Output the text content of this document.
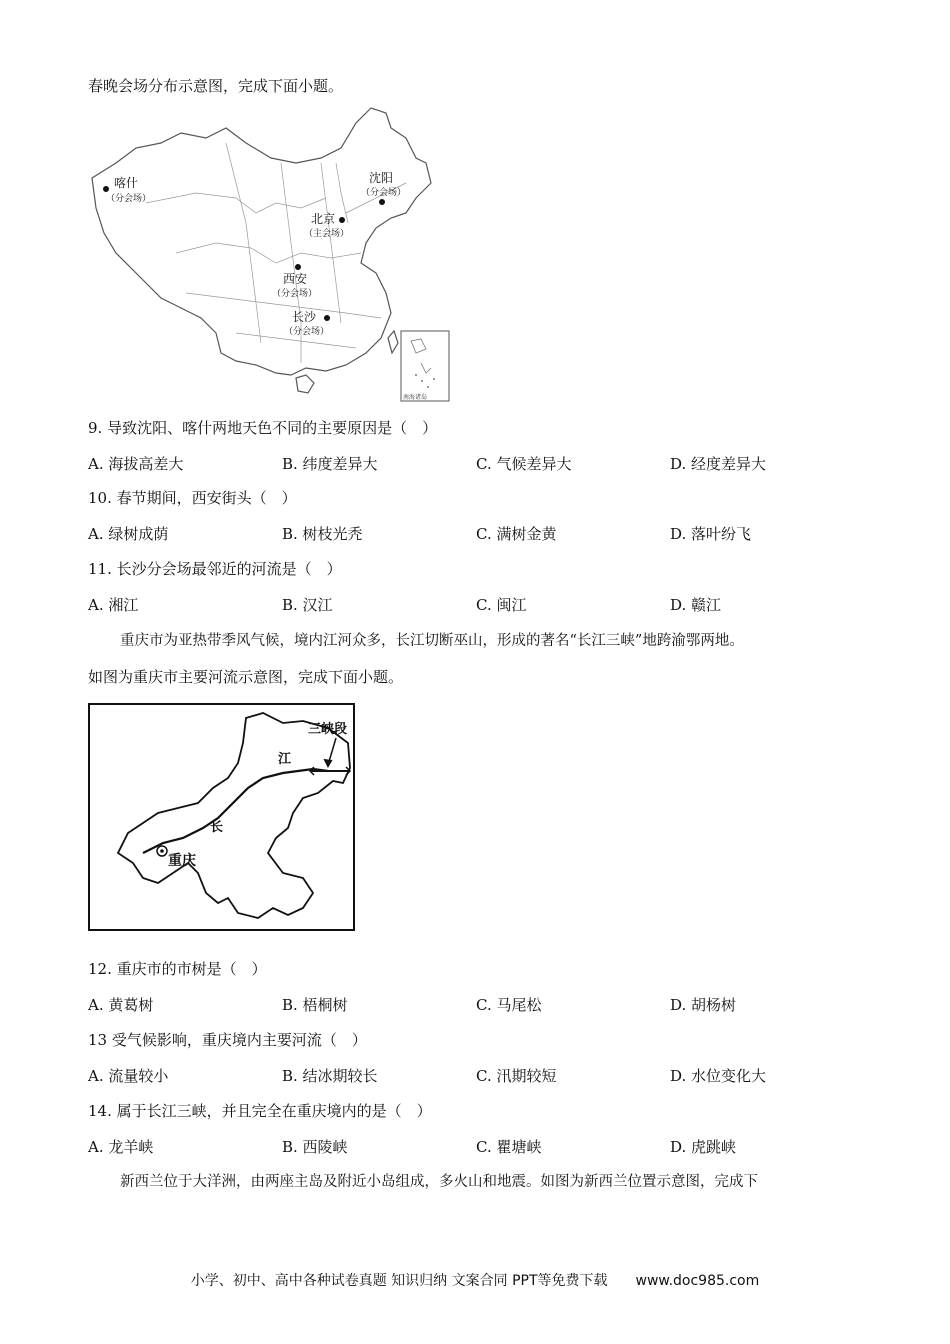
春晚会场分布示意图，完成下面小题。
南海诸岛
喀什
（分会场）
沈阳
（分会场）
北京
（主会场）
西安
（分会场）
长沙
（分会场）
9. 导致沈阳、喀什两地天色不同的主要原因是（　）
A. 海拔高差大	B. 纬度差异大	C. 气候差异大	D. 经度差异大
10. 春节期间，西安街头（　）
A. 绿树成荫	B. 树枝光秃	C. 满树金黄	D. 落叶纷飞
11. 长沙分会场最邻近的河流是（　）
A. 湘江	B. 汉江	C. 闽江	D. 赣江
重庆市为亚热带季风气候，境内江河众多，长江切断巫山，形成的著名“长江三峡”地跨渝鄂两地。
如图为重庆市主要河流示意图，完成下面小题。
三峡段
江
长
重庆
12. 重庆市的市树是（　）
A. 黄葛树	B. 梧桐树	C. 马尾松	D. 胡杨树
13 受气候影响，重庆境内主要河流（　）
A. 流量较小	B. 结冰期较长	C. 汛期较短	D. 水位变化大
14. 属于长江三峡，并且完全在重庆境内的是（　）
A. 龙羊峡	B. 西陵峡	C. 瞿塘峡	D. 虎跳峡
新西兰位于大洋洲，由两座主岛及附近小岛组成，多火山和地震。如图为新西兰位置示意图，完成下
小学、初中、高中各种试卷真题 知识归纳 文案合同 PPT等免费下载　　www.doc985.com
